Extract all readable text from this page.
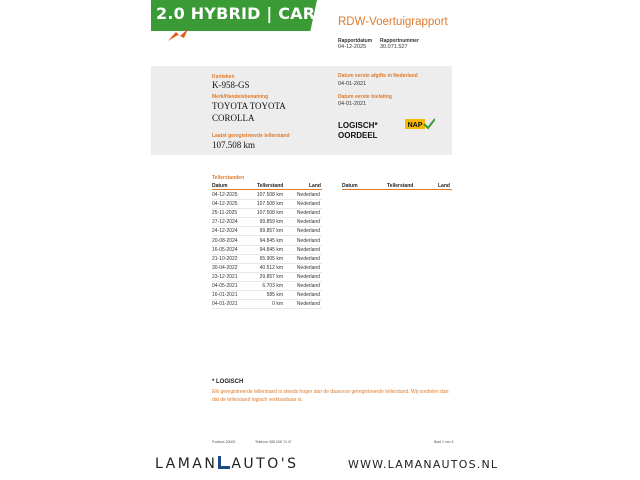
2.0 HYBRID | CARPLAY
RDW-Voertuigrapport
Rapportdatum
04-12-2025
Rapportnummer
30.071.527
Kenteken
K-958-GS
Merk/Handelsbenaming
TOYOTA TOYOTA
COROLLA
Laatst geregistreerde tellerstand
107.508 km
Datum eerste afgifte in Nederland
04-01-2021
Datum eerste toelating
04-01-2021
LOGISCH*
OORDEEL
NAP
Tellerstanden
Datum	Tellerstand	Land	Datum	Tellerstand	Land
04-12-2025	107.508 km	Nederland
04-12-2025	107.508 km	Nederland
25-11-2025	107.508 km	Nederland
27-12-2024	99.859 km	Nederland
24-12-2024	99.857 km	Nederland
20-08-2024	94.845 km	Nederland
16-05-2024	94.845 km	Nederland
21-10-2022	65.905 km	Nederland
30-04-2022	40.512 km	Nederland
23-12-2021	29.857 km	Nederland
04-05-2021	6.703 km	Nederland
16-01-2021	585 km	Nederland
04-01-2021	0 km	Nederland
* LOGISCH
Elk geregistreerde tellerstand is steeds hoger dan de daarvoor geregistreerde tellerstand. Wij oordelen dan dat de tellerstand logisch verklaarbaar is.
Postbus 30000	Telefoon 088 008 74 47	Blad 1 van 3
LAMAN AUTO'S	WWW.LAMANAUTOS.NL
